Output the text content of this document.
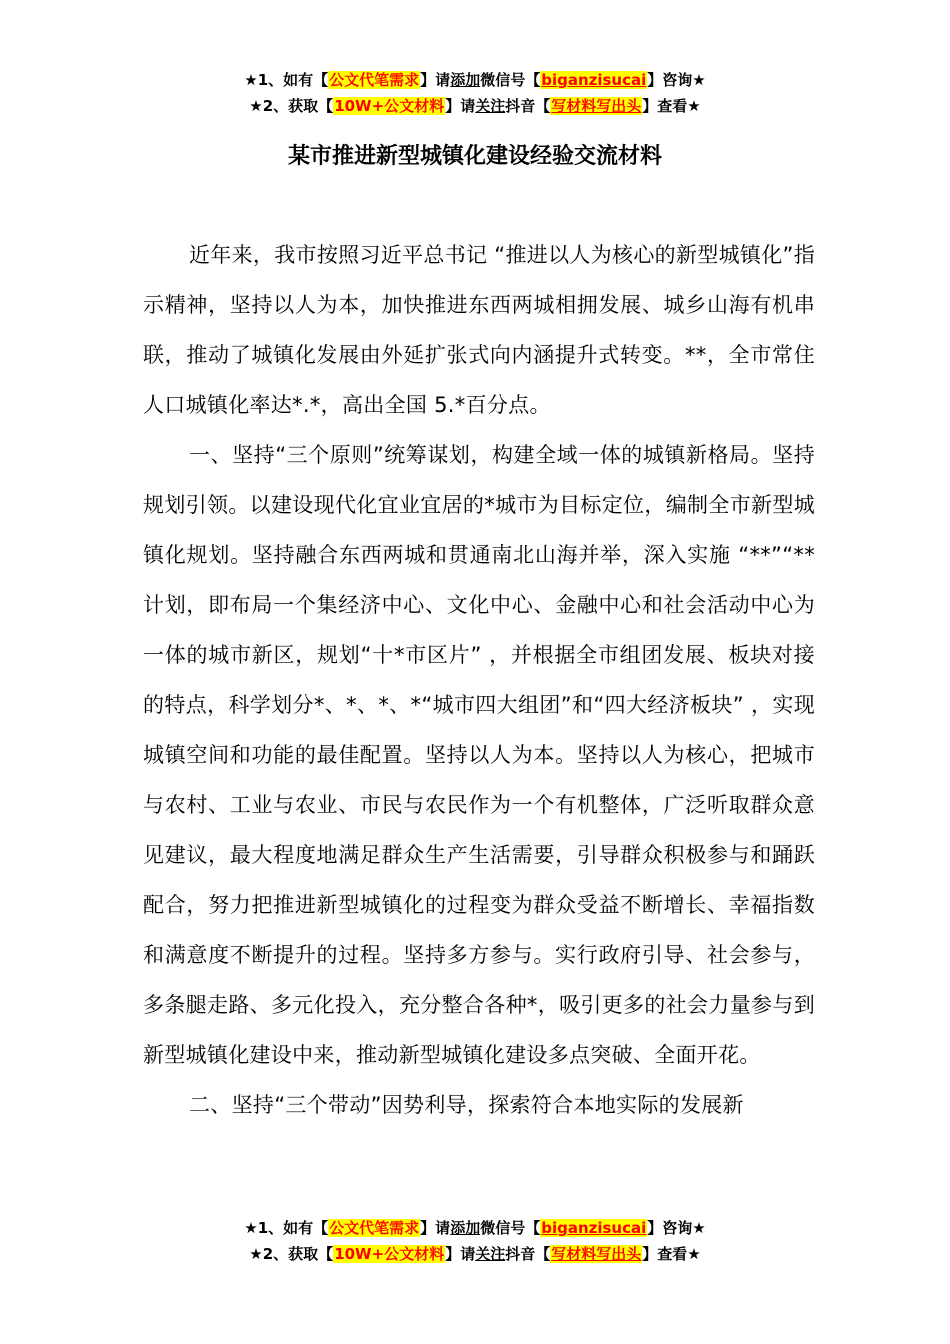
★1、如有【公文代笔需求】请添加微信号【biganzisucai】咨询★
★2、获取【10W+公文材料】请关注抖音【写材料写出头】查看★
某市推进新型城镇化建设经验交流材料

近年来，我市按照习近平总书记 “推进以人为核心的新型城镇化”指示精神，坚持以人为本，加快推进东西两城相拥发展、城乡山海有机串联，推动了城镇化发展由外延扩张式向内涵提升式转变。**，全市常住人口城镇化率达*.*，高出全国 5.*百分点。

一、坚持“三个原则”统筹谋划，构建全域一体的城镇新格局。坚持规划引领。以建设现代化宜业宜居的*城市为目标定位，编制全市新型城镇化规划。坚持融合东西两城和贯通南北山海并举，深入实施 “**”“**计划，即布局一个集经济中心、文化中心、金融中心和社会活动中心为一体的城市新区，规划“十*市区片” ，并根据全市组团发展、板块对接的特点，科学划分*、*、*、*“城市四大组团”和“四大经济板块” ，实现城镇空间和功能的最佳配置。坚持以人为本。坚持以人为核心，把城市与农村、工业与农业、市民与农民作为一个有机整体，广泛听取群众意见建议，最大程度地满足群众生产生活需要，引导群众积极参与和踊跃配合，努力把推进新型城镇化的过程变为群众受益不断增长、幸福指数和满意度不断提升的过程。坚持多方参与。实行政府引导、社会参与，多条腿走路、多元化投入，充分整合各种*，吸引更多的社会力量参与到新型城镇化建设中来，推动新型城镇化建设多点突破、全面开花。

二、坚持“三个带动”因势利导，探索符合本地实际的发展新

★1、如有【公文代笔需求】请添加微信号【biganzisucai】咨询★
★2、获取【10W+公文材料】请关注抖音【写材料写出头】查看★
